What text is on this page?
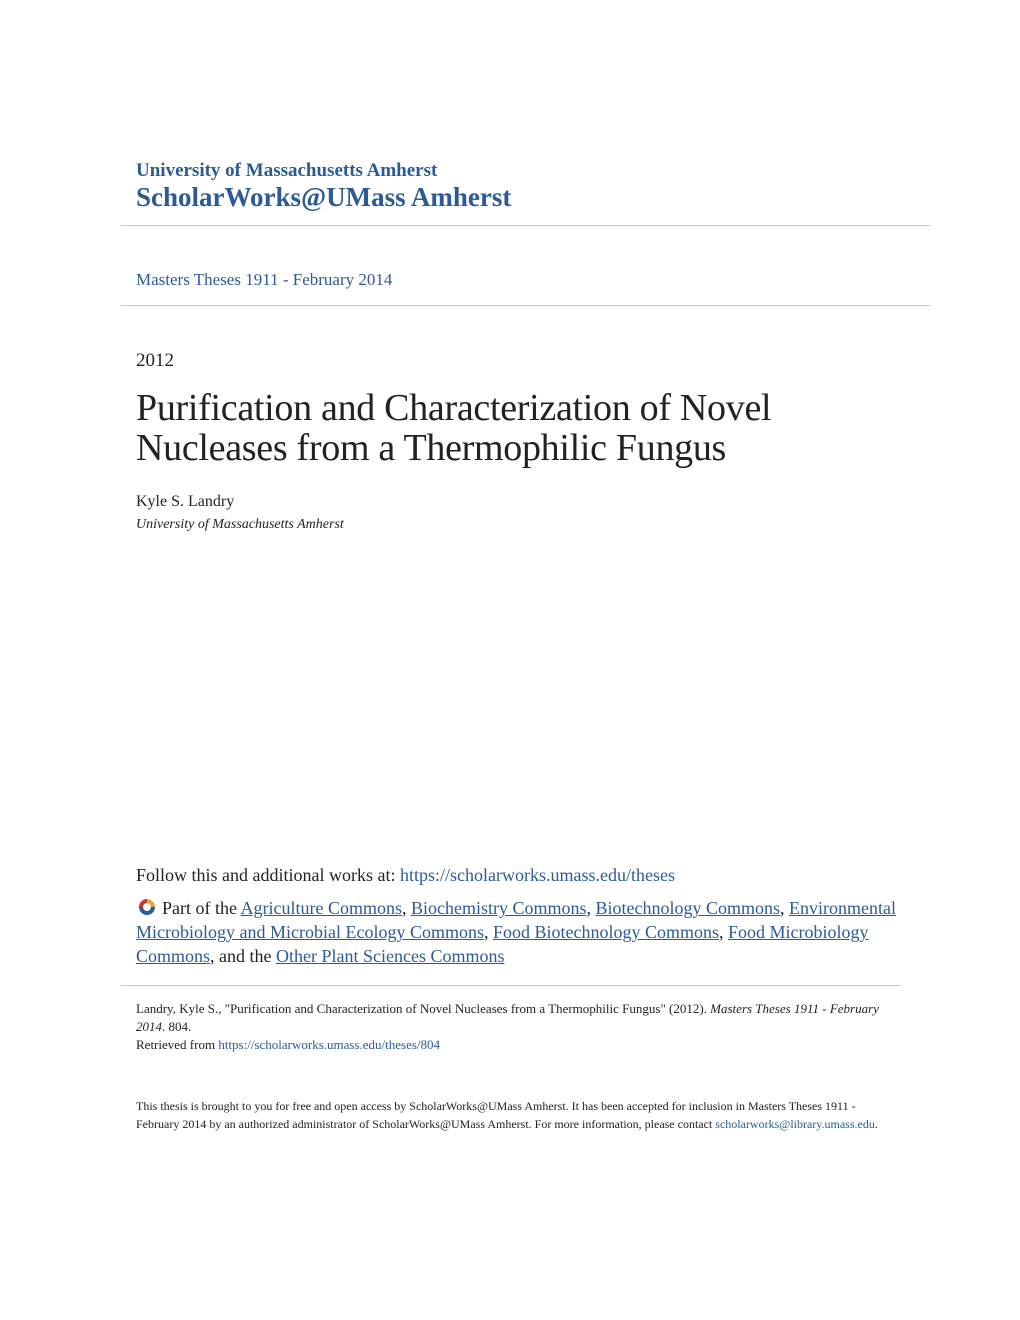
University of Massachusetts Amherst
ScholarWorks@UMass Amherst
Masters Theses 1911 - February 2014
2012
Purification and Characterization of Novel
Nucleases from a Thermophilic Fungus
Kyle S. Landry
University of Massachusetts Amherst
Follow this and additional works at: https://scholarworks.umass.edu/theses
Part of the Agriculture Commons, Biochemistry Commons, Biotechnology Commons, Environmental Microbiology and Microbial Ecology Commons, Food Biotechnology Commons, Food Microbiology Commons, and the Other Plant Sciences Commons
Landry, Kyle S., "Purification and Characterization of Novel Nucleases from a Thermophilic Fungus" (2012). Masters Theses 1911 - February 2014. 804.
Retrieved from https://scholarworks.umass.edu/theses/804
This thesis is brought to you for free and open access by ScholarWorks@UMass Amherst. It has been accepted for inclusion in Masters Theses 1911 - February 2014 by an authorized administrator of ScholarWorks@UMass Amherst. For more information, please contact scholarworks@library.umass.edu.
